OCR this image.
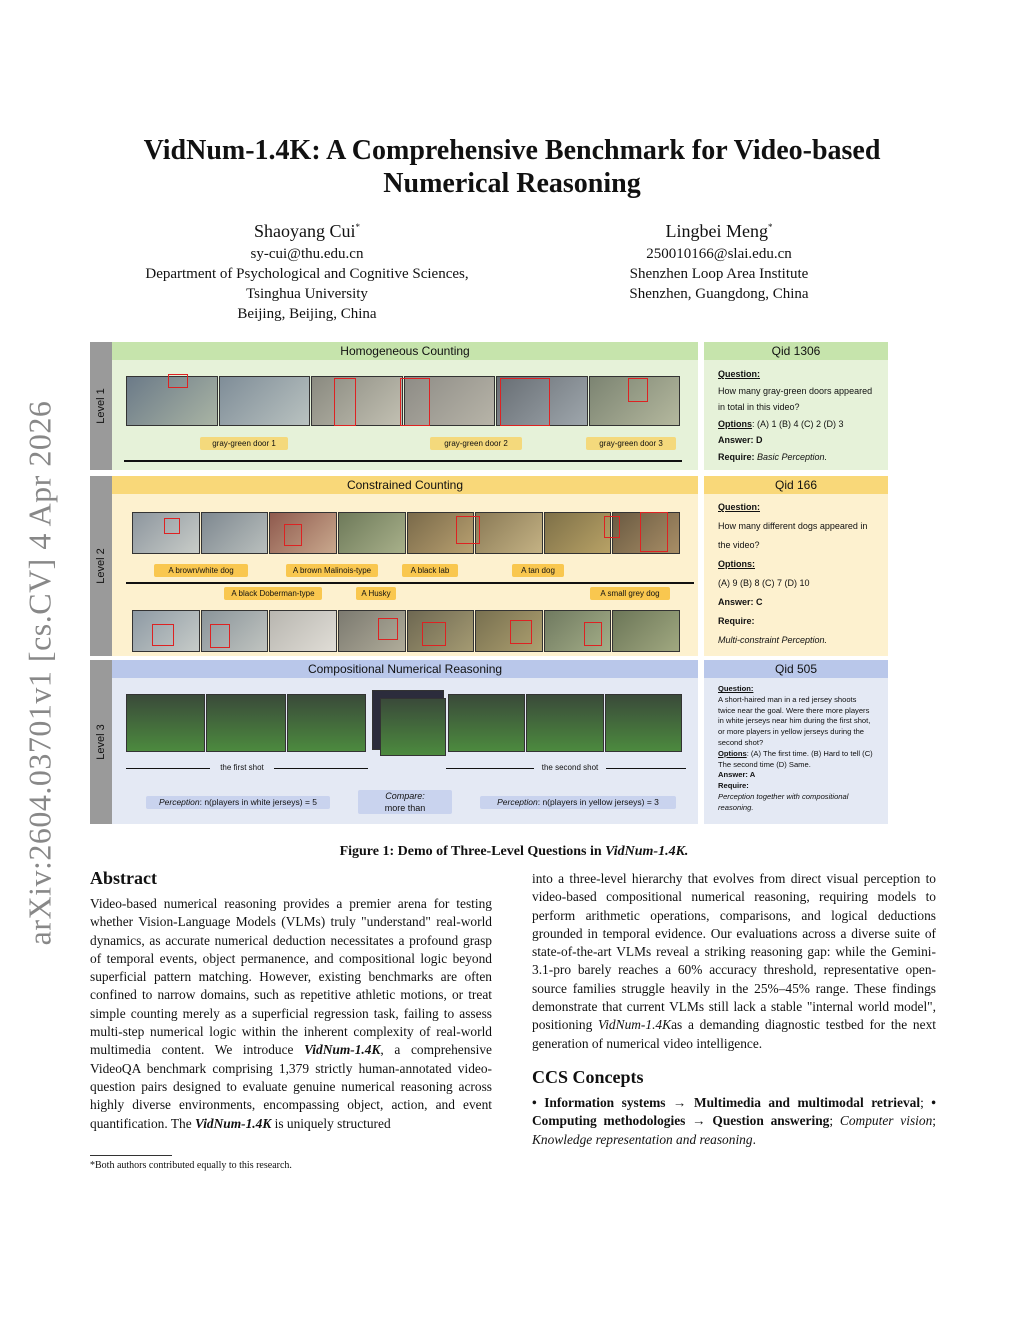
arXiv:2604.03701v1 [cs.CV] 4 Apr 2026
VidNum-1.4K: A Comprehensive Benchmark for Video-based
Numerical Reasoning
Shaoyang Cui*
sy-cui@thu.edu.cn
Department of Psychological and Cognitive Sciences,
Tsinghua University
Beijing, Beijing, China
Lingbei Meng*
250010166@slai.edu.cn
Shenzhen Loop Area Institute
Shenzhen, Guangdong, China
Level 1
Homogeneous Counting
gray-green door 1	gray-green door 2	gray-green door 3
Qid 1306
Question:
How many gray-green doors appeared in total in this video?
Options: (A) 1 (B) 4 (C) 2 (D) 3
Answer: D
Require: Basic Perception.
Level 2
Constrained Counting
A brown/white dog	A brown Malinois-type	A black lab	A tan dog
A black Doberman-type	A Husky	A small grey dog
Qid 166
Question:
How many different dogs appeared in the video?
Options:
(A) 9 (B) 8 (C) 7 (D) 10
Answer: C
Require:
Multi-constraint Perception.
Level 3
Compositional Numerical Reasoning
the first shot	the second shot
Perception: n(players in white jerseys) = 5
Compare:
more than
Perception: n(players in yellow jerseys) = 3
Qid 505
Question:
A short-haired man in a red jersey shoots twice near the goal. Were there more players in white jerseys near him during the first shot, or more players in yellow jerseys during the second shot?
Options: (A) The first time. (B) Hard to tell (C) The second time (D) Same.
Answer: A
Require:
Perception together with compositional reasoning.
Figure 1: Demo of Three-Level Questions in VidNum-1.4K.
Abstract
Video-based numerical reasoning provides a premier arena for testing whether Vision-Language Models (VLMs) truly "understand" real-world dynamics, as accurate numerical deduction necessitates a profound grasp of temporal events, object permanence, and compositional logic beyond superficial pattern matching. However, existing benchmarks are often confined to narrow domains, such as repetitive athletic motions, or treat simple counting merely as a superficial regression task, failing to assess multi-step numerical logic within the inherent complexity of real-world multimedia content. We introduce VidNum-1.4K, a comprehensive VideoQA benchmark comprising 1,379 strictly human-annotated video-question pairs designed to evaluate genuine numerical reasoning across highly diverse environments, encompassing object, action, and event quantification. The VidNum-1.4K is uniquely structured
*Both authors contributed equally to this research.
into a three-level hierarchy that evolves from direct visual perception to video-based compositional numerical reasoning, requiring models to perform arithmetic operations, comparisons, and logical deductions grounded in temporal evidence. Our evaluations across a diverse suite of state-of-the-art VLMs reveal a striking reasoning gap: while the Gemini-3.1-pro barely reaches a 60% accuracy threshold, representative open-source families struggle heavily in the 25%–45% range. These findings demonstrate that current VLMs still lack a stable "internal world model", positioning VidNum-1.4Kas a demanding diagnostic testbed for the next generation of numerical video intelligence.
CCS Concepts
• Information systems → Multimedia and multimodal retrieval; • Computing methodologies → Question answering; Computer vision; Knowledge representation and reasoning.
